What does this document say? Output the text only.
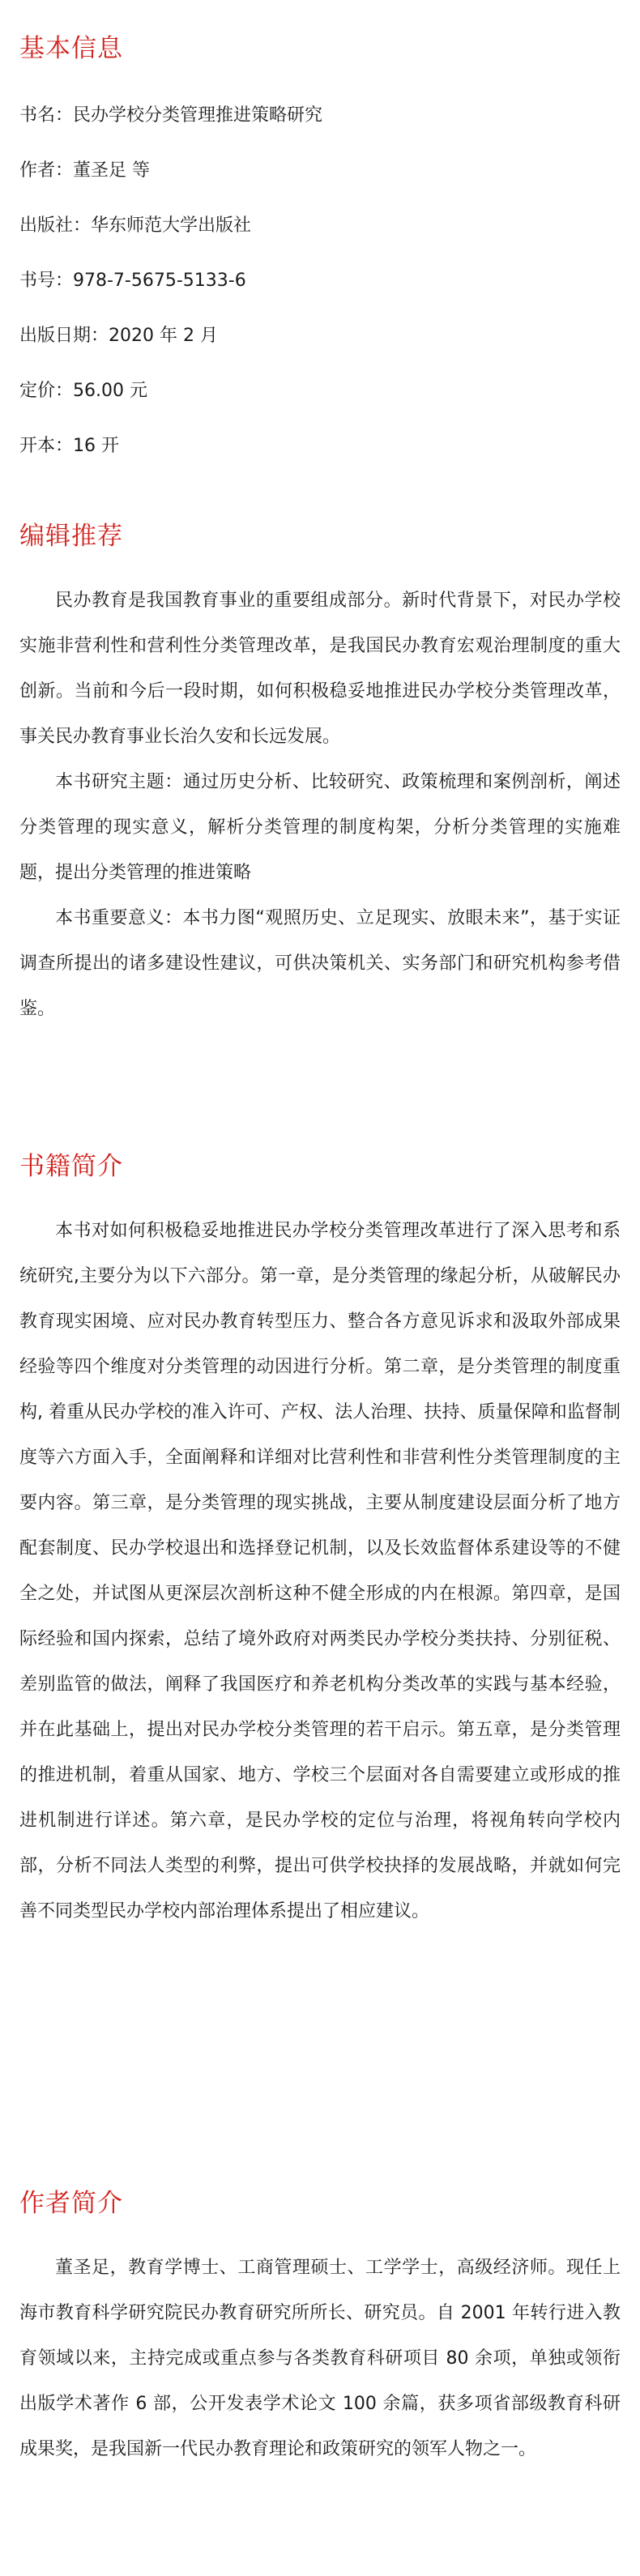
基本信息
书名：民办学校分类管理推进策略研究
作者：董圣足 等
出版社：华东师范大学出版社
书号：978-7-5675-5133-6
出版日期：2020 年 2 月
定价：56.00 元
开本：16 开
编辑推荐

民办教育是我国教育事业的重要组成部分。新时代背景下，对民办学校实施非营利性和营利性分类管理改革，是我国民办教育宏观治理制度的重大创新。当前和今后一段时期，如何积极稳妥地推进民办学校分类管理改革，事关民办教育事业长治久安和长远发展。

本书研究主题：通过历史分析、比较研究、政策梳理和案例剖析，阐述分类管理的现实意义，解析分类管理的制度构架，分析分类管理的实施难题，提出分类管理的推进策略

本书重要意义：本书力图“观照历史、立足现实、放眼未来”，基于实证调查所提出的诸多建设性建议，可供决策机关、实务部门和研究机构参考借鉴。

书籍简介

本书对如何积极稳妥地推进民办学校分类管理改革进行了深入思考和系统研究,主要分为以下六部分。第一章，是分类管理的缘起分析，从破解民办教育现实困境、应对民办教育转型压力、整合各方意见诉求和汲取外部成果经验等四个维度对分类管理的动因进行分析。第二章，是分类管理的制度重构, 着重从民办学校的准入许可、产权、法人治理、扶持、质量保障和监督制度等六方面入手，全面阐释和详细对比营利性和非营利性分类管理制度的主要内容。第三章，是分类管理的现实挑战，主要从制度建设层面分析了地方配套制度、民办学校退出和选择登记机制，以及长效监督体系建设等的不健全之处，并试图从更深层次剖析这种不健全形成的内在根源。第四章，是国际经验和国内探索，总结了境外政府对两类民办学校分类扶持、分别征税、差别监管的做法，阐释了我国医疗和养老机构分类改革的实践与基本经验，并在此基础上，提出对民办学校分类管理的若干启示。第五章，是分类管理的推进机制，着重从国家、地方、学校三个层面对各自需要建立或形成的推进机制进行详述。第六章，是民办学校的定位与治理，将视角转向学校内部，分析不同法人类型的利弊，提出可供学校抉择的发展战略，并就如何完善不同类型民办学校内部治理体系提出了相应建议。

作者简介

董圣足，教育学博士、工商管理硕士、工学学士，高级经济师。现任上海市教育科学研究院民办教育研究所所长、研究员。自 2001 年转行进入教育领域以来，主持完成或重点参与各类教育科研项目 80 余项，单独或领衔出版学术著作 6 部，公开发表学术论文 100 余篇，获多项省部级教育科研成果奖，是我国新一代民办教育理论和政策研究的领军人物之一。
